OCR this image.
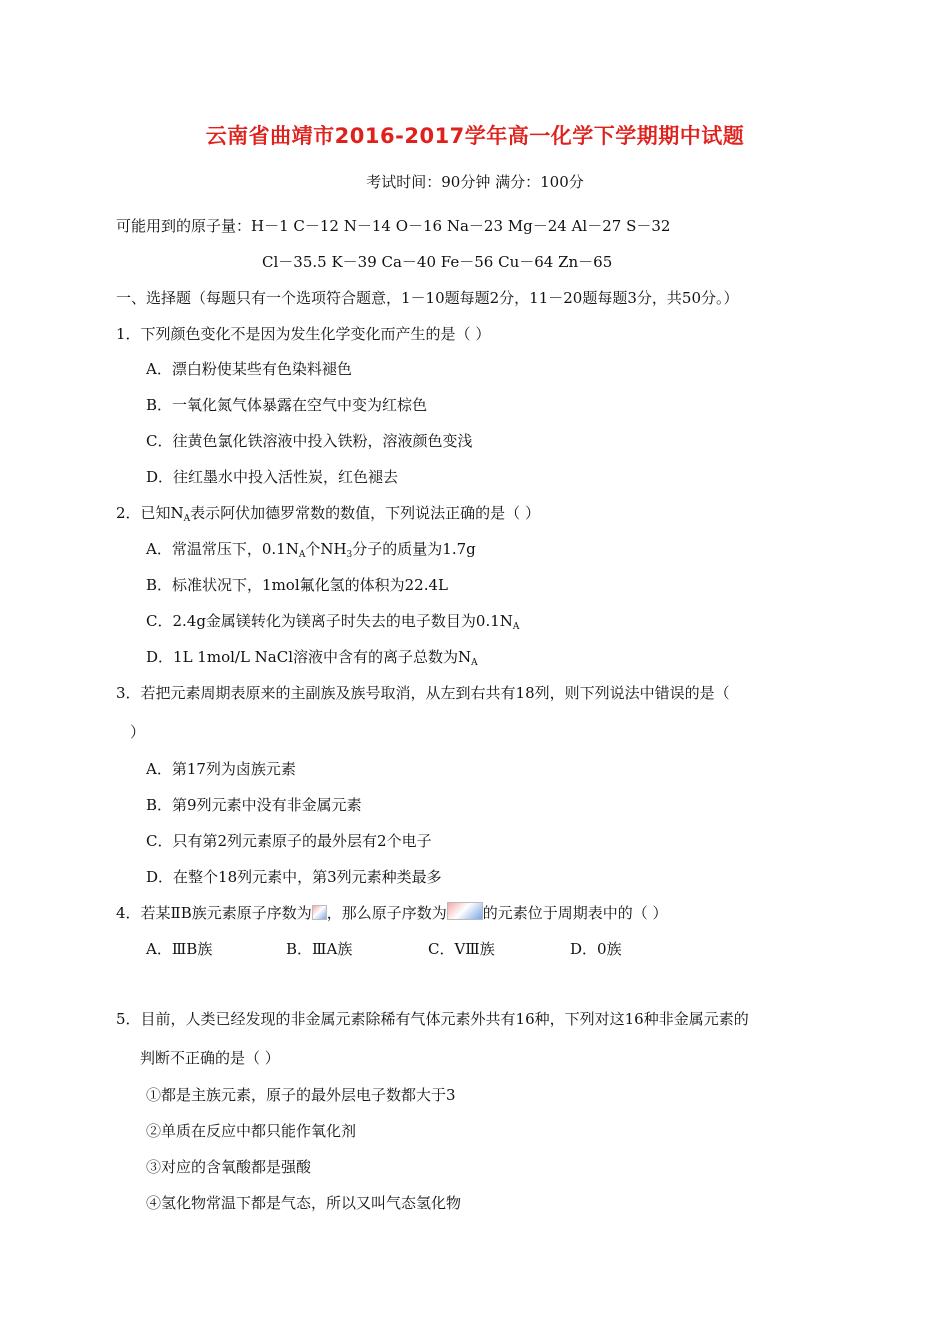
云南省曲靖市2016-2017学年高一化学下学期期中试题
考试时间：90分钟 满分：100分
可能用到的原子量：H－1 C－12 N－14 O－16 Na－23 Mg－24 Al－27 S－32
Cl－35.5 K－39 Ca－40 Fe－56 Cu－64 Zn－65
一、选择题（每题只有一个选项符合题意，1－10题每题2分，11－20题每题3分，共50分。）
1．下列颜色变化不是因为发生化学变化而产生的是（ ）
A．漂白粉使某些有色染料褪色
B．一氧化氮气体暴露在空气中变为红棕色
C．往黄色氯化铁溶液中投入铁粉，溶液颜色变浅
D．往红墨水中投入活性炭，红色褪去
2．已知$N_A$表示阿伏加德罗常数的数值，下列说法正确的是（ ）
A．常温常压下，$0.1N_A$个$NH_3$分子的质量为1.7g
B．标准状况下，1mol氟化氢的体积为22.4L
C．2.4g金属镁转化为镁离子时失去的电子数目为$0.1N_A$
D．1L 1mol/L NaCl溶液中含有的离子总数为$N_A$
3．若把元素周期表原来的主副族及族号取消，从左到右共有18列，则下列说法中错误的是（
）
A．第17列为卤族元素
B．第9列元素中没有非金属元素
C．只有第2列元素原子的最外层有2个电子
D．在整个18列元素中，第3列元素种类最多
4．若某ⅡB族元素原子序数为 ，那么原子序数为 的元素位于周期表中的（ ）
A．ⅢB族	B．ⅢA族	C．ⅤⅢ族	D．0族
5．目前，人类已经发现的非金属元素除稀有气体元素外共有16种，下列对这16种非金属元素的
判断不正确的是（ ）
①都是主族元素，原子的最外层电子数都大于3
②单质在反应中都只能作氧化剂
③对应的含氧酸都是强酸
④氢化物常温下都是气态，所以又叫气态氢化物
